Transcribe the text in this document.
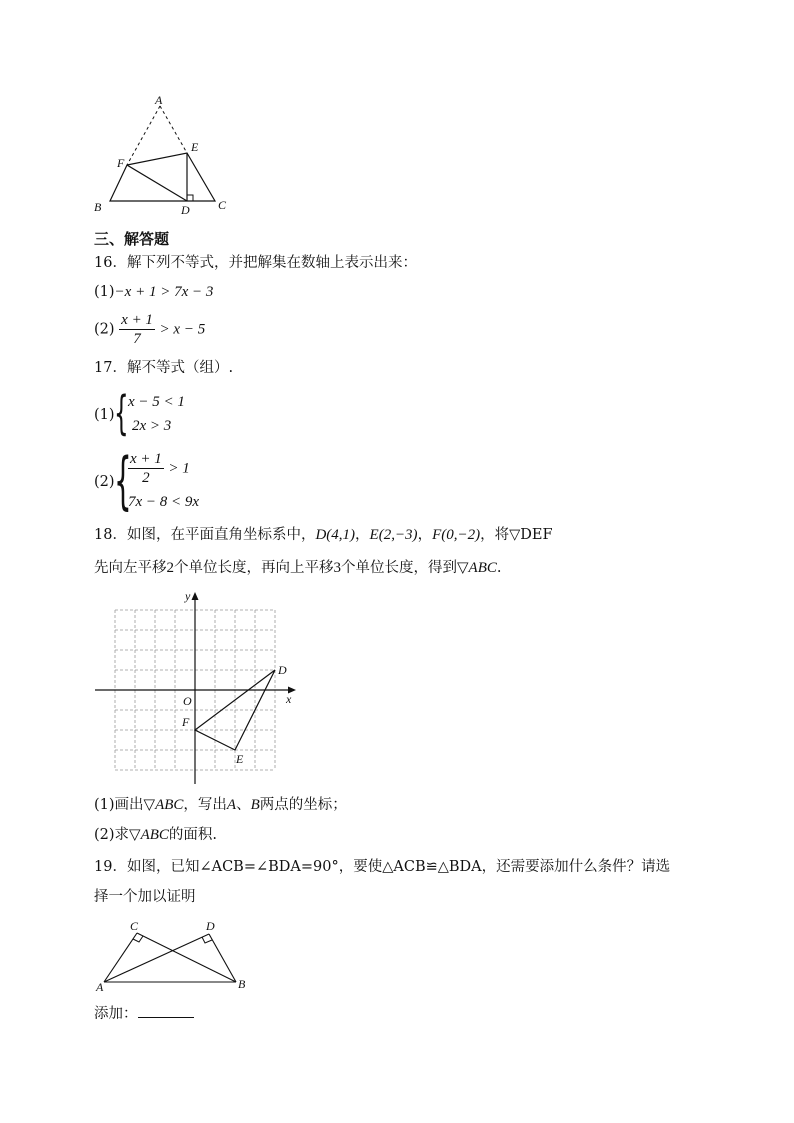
A
B	C
D
E
F
三、解答题
16．解下列不等式，并把解集在数轴上表示出来：
(1)−x + 1 > 7x − 3
$(2) \frac{x + 1}{7} > x - 5$
17．解不等式（组）.
(1) { x − 5 < 1
2x > 3
(2) {
$\frac{x + 1}{2} > 1$
7x − 8 < 9x
18．如图，在平面直角坐标系中，D(4,1)，E(2,−3)，F(0,−2)，将▽DEF
先向左平移2个单位长度，再向上平移3个单位长度，得到▽ABC.
y
x
O
D
E
F
(1)画出▽ABC，写出A、B两点的坐标；
(2)求▽ABC的面积.
19．如图，已知∠ACB=∠BDA=90°，要使△ACB≌△BDA，还需要添加什么条件？请选
择一个加以证明
A	B
C	D
添加：
